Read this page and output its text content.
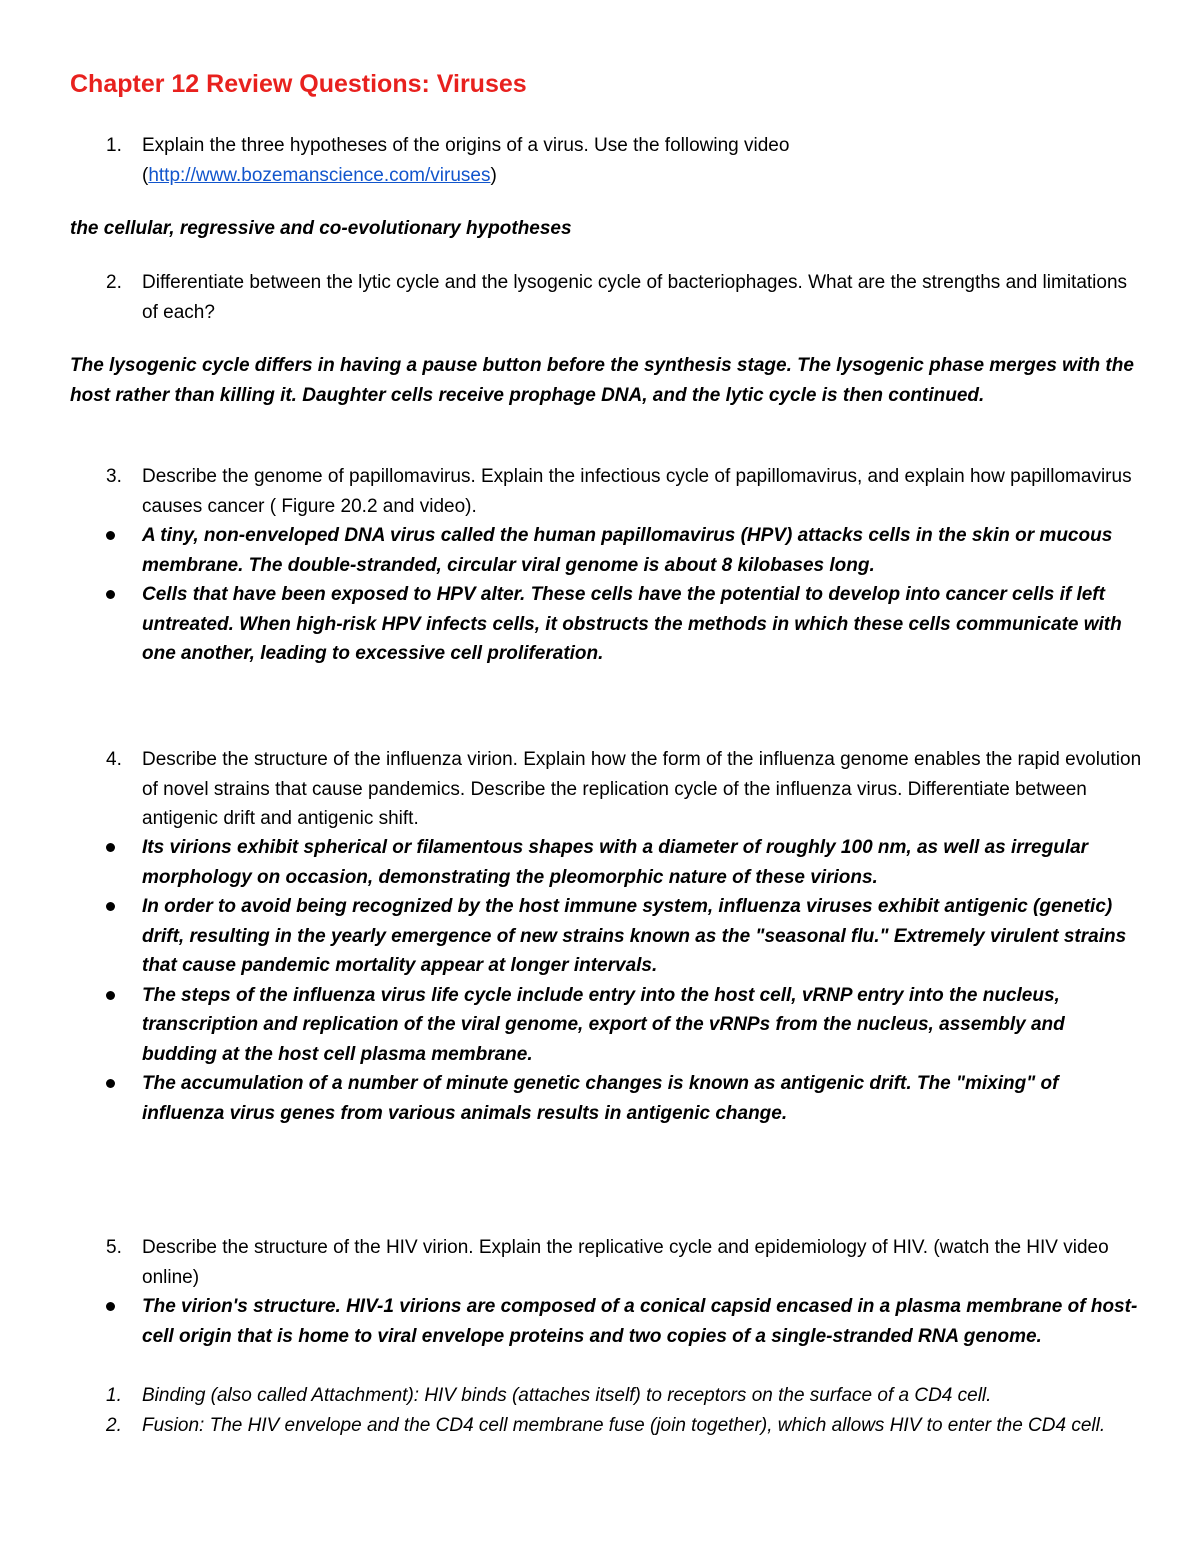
Chapter 12 Review Questions: Viruses
1. Explain the three hypotheses of the origins of a virus. Use the following video (http://www.bozemanscience.com/viruses)
the cellular, regressive and co-evolutionary hypotheses
2. Differentiate between the lytic cycle and the lysogenic cycle of bacteriophages. What are the strengths and limitations of each?
The lysogenic cycle differs in having a pause button before the synthesis stage. The lysogenic phase merges with the host rather than killing it. Daughter cells receive prophage DNA, and the lytic cycle is then continued.
3. Describe the genome of papillomavirus. Explain the infectious cycle of papillomavirus, and explain how papillomavirus causes cancer ( Figure 20.2 and video).
A tiny, non-enveloped DNA virus called the human papillomavirus (HPV) attacks cells in the skin or mucous membrane. The double-stranded, circular viral genome is about 8 kilobases long.
Cells that have been exposed to HPV alter. These cells have the potential to develop into cancer cells if left untreated. When high-risk HPV infects cells, it obstructs the methods in which these cells communicate with one another, leading to excessive cell proliferation.
4. Describe the structure of the influenza virion. Explain how the form of the influenza genome enables the rapid evolution of novel strains that cause pandemics. Describe the replication cycle of the influenza virus. Differentiate between antigenic drift and antigenic shift.
Its virions exhibit spherical or filamentous shapes with a diameter of roughly 100 nm, as well as irregular morphology on occasion, demonstrating the pleomorphic nature of these virions.
In order to avoid being recognized by the host immune system, influenza viruses exhibit antigenic (genetic) drift, resulting in the yearly emergence of new strains known as the "seasonal flu." Extremely virulent strains that cause pandemic mortality appear at longer intervals.
The steps of the influenza virus life cycle include entry into the host cell, vRNP entry into the nucleus, transcription and replication of the viral genome, export of the vRNPs from the nucleus, assembly and budding at the host cell plasma membrane.
The accumulation of a number of minute genetic changes is known as antigenic drift. The "mixing" of influenza virus genes from various animals results in antigenic change.
5. Describe the structure of the HIV virion. Explain the replicative cycle and epidemiology of HIV. (watch the HIV video online)
The virion's structure. HIV-1 virions are composed of a conical capsid encased in a plasma membrane of host-cell origin that is home to viral envelope proteins and two copies of a single-stranded RNA genome.
1. Binding (also called Attachment): HIV binds (attaches itself) to receptors on the surface of a CD4 cell.
2. Fusion: The HIV envelope and the CD4 cell membrane fuse (join together), which allows HIV to enter the CD4 cell.
